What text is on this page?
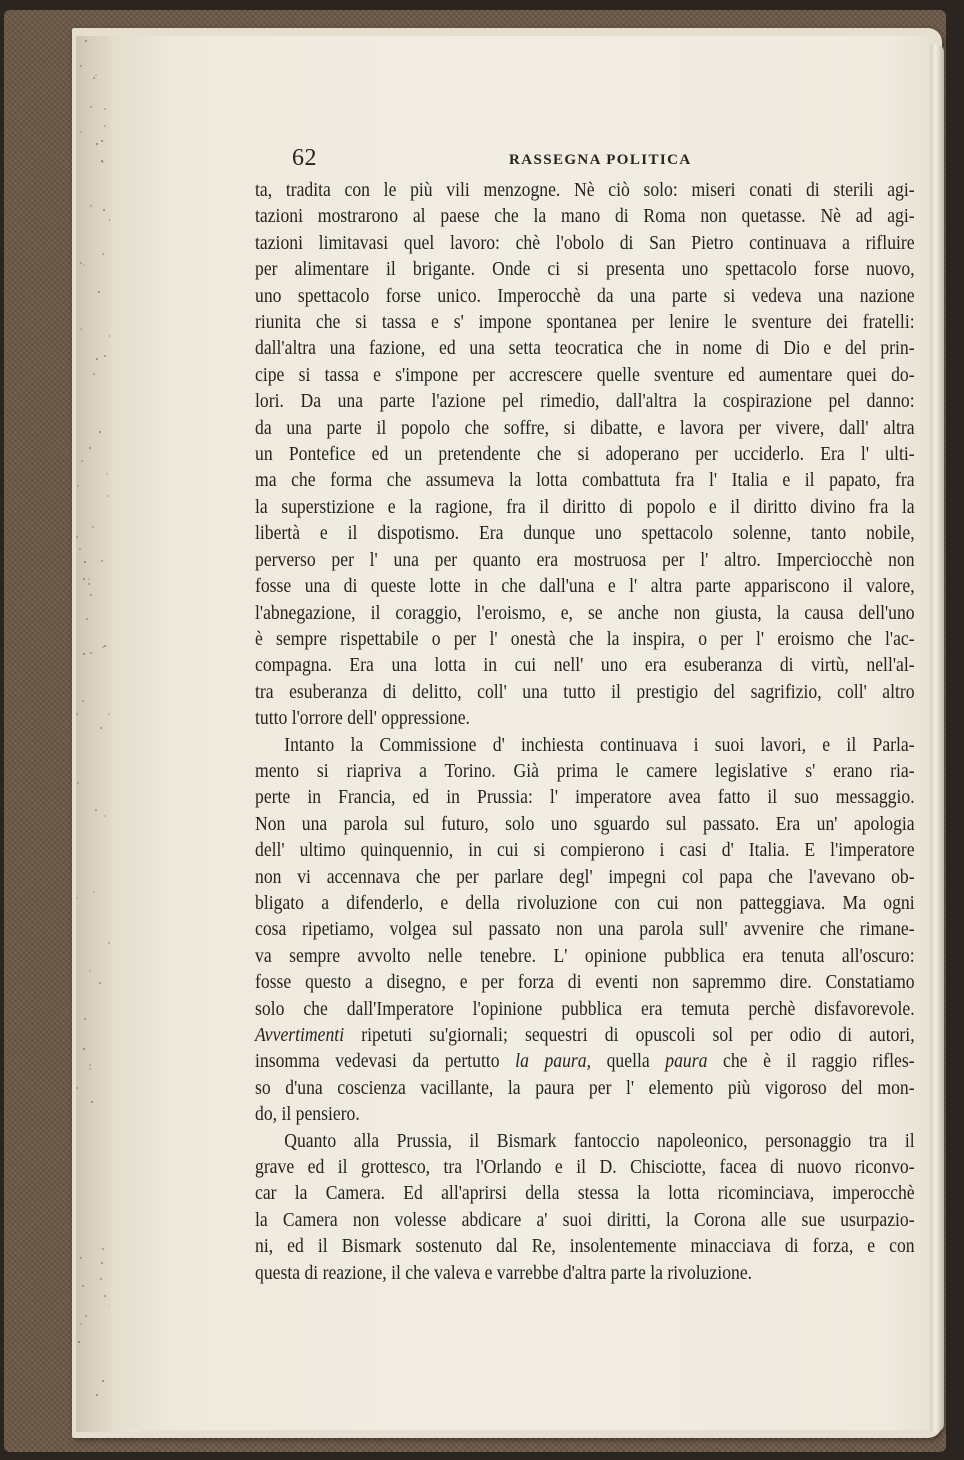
62	RASSEGNA POLITICA
ta, tradita con le più vili menzogne. Nè ciò solo: miseri conati di sterili agi-
tazioni mostrarono al paese che la mano di Roma non quetasse. Nè ad agi-
tazioni limitavasi quel lavoro: chè l'obolo di San Pietro continuava a rifluire
per alimentare il brigante. Onde ci si presenta uno spettacolo forse nuovo,
uno spettacolo forse unico. Imperocchè da una parte si vedeva una nazione
riunita che si tassa e s' impone spontanea per lenire le sventure dei fratelli:
dall'altra una fazione, ed una setta teocratica che in nome di Dio e del prin-
cipe si tassa e s'impone per accrescere quelle sventure ed aumentare quei do-
lori. Da una parte l'azione pel rimedio, dall'altra la cospirazione pel danno:
da una parte il popolo che soffre, si dibatte, e lavora per vivere, dall' altra
un Pontefice ed un pretendente che si adoperano per ucciderlo. Era l' ulti-
ma che forma che assumeva la lotta combattuta fra l' Italia e il papato, fra
la superstizione e la ragione, fra il diritto di popolo e il diritto divino fra la
libertà e il dispotismo. Era dunque uno spettacolo solenne, tanto nobile,
perverso per l' una per quanto era mostruosa per l' altro. Imperciocchè non
fosse una di queste lotte in che dall'una e l' altra parte appariscono il valore,
l'abnegazione, il coraggio, l'eroismo, e, se anche non giusta, la causa dell'uno
è sempre rispettabile o per l' onestà che la inspira, o per l' eroismo che l'ac-
compagna. Era una lotta in cui nell' uno era esuberanza di virtù, nell'al-
tra esuberanza di delitto, coll' una tutto il prestigio del sagrifizio, coll' altro
tutto l'orrore dell' oppressione.
Intanto la Commissione d' inchiesta continuava i suoi lavori, e il Parla-
mento si riapriva a Torino. Già prima le camere legislative s' erano ria-
perte in Francia, ed in Prussia: l' imperatore avea fatto il suo messaggio.
Non una parola sul futuro, solo uno sguardo sul passato. Era un' apologia
dell' ultimo quinquennio, in cui si compierono i casi d' Italia. E l'imperatore
non vi accennava che per parlare degl' impegni col papa che l'avevano ob-
bligato a difenderlo, e della rivoluzione con cui non patteggiava. Ma ogni
cosa ripetiamo, volgea sul passato non una parola sull' avvenire che rimane-
va sempre avvolto nelle tenebre. L' opinione pubblica era tenuta all'oscuro:
fosse questo a disegno, e per forza di eventi non sapremmo dire. Constatiamo
solo che dall'Imperatore l'opinione pubblica era temuta perchè disfavorevole.
Avvertimenti ripetuti su'giornali; sequestri di opuscoli sol per odio di autori,
insomma vedevasi da pertutto la paura, quella paura che è il raggio rifles-
so d'una coscienza vacillante, la paura per l' elemento più vigoroso del mon-
do, il pensiero.
Quanto alla Prussia, il Bismark fantoccio napoleonico, personaggio tra il
grave ed il grottesco, tra l'Orlando e il D. Chisciotte, facea di nuovo riconvo-
car la Camera. Ed all'aprirsi della stessa la lotta ricominciava, imperocchè
la Camera non volesse abdicare a' suoi diritti, la Corona alle sue usurpazio-
ni, ed il Bismark sostenuto dal Re, insolentemente minacciava di forza, e con
questa di reazione, il che valeva e varrebbe d'altra parte la rivoluzione.
